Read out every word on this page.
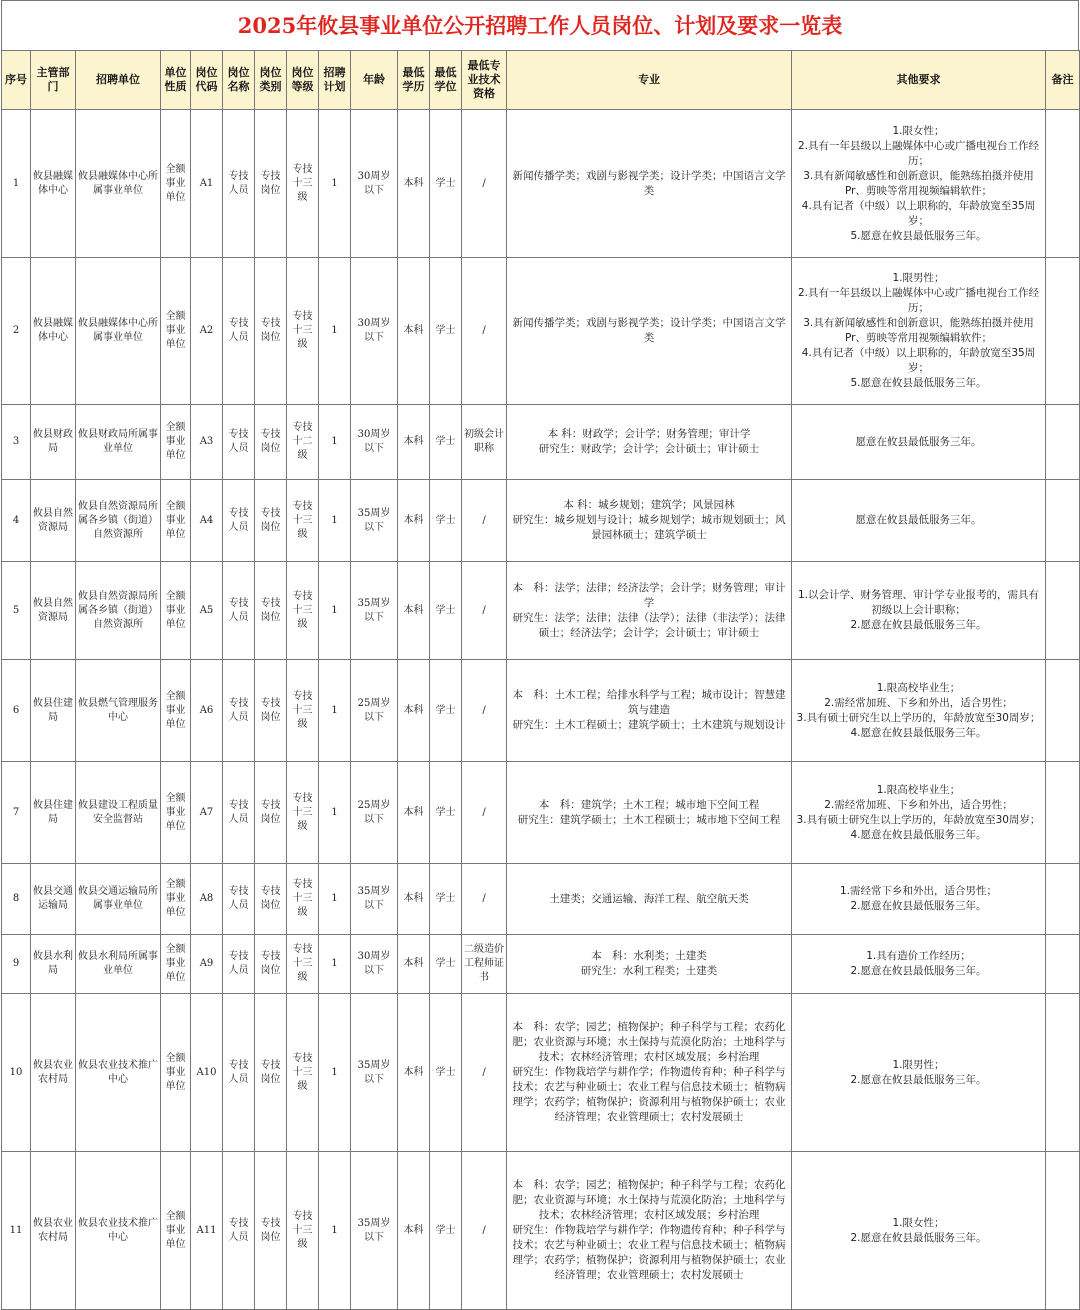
2025年攸县事业单位公开招聘工作人员岗位、计划及要求一览表
序号	主管部门	招聘单位	单位性质	岗位代码	岗位名称	岗位类别	岗位等级	招聘计划	年龄	最低学历	最低学位	最低专业技术资格	专业	其他要求	备注
1	攸县融媒体中心	攸县融媒体中心所属事业单位	全额事业单位	A1	专技人员	专技岗位	专技十三级	1	30周岁以下	本科	学士	/	新闻传播学类；戏剧与影视学类；设计学类；中国语言文学类	1.限女性；
2.具有一年县级以上融媒体中心或广播电视台工作经历；
3.具有新闻敏感性和创新意识，能熟练拍摄并使用Pr、剪映等常用视频编辑软件；
4.具有记者（中级）以上职称的，年龄放宽至35周岁；
5.愿意在攸县最低服务三年。	

2	攸县融媒体中心	攸县融媒体中心所属事业单位	全额事业单位	A2	专技人员	专技岗位	专技十三级	1	30周岁以下	本科	学士	/	新闻传播学类；戏剧与影视学类；设计学类；中国语言文学类	1.限男性；
2.具有一年县级以上融媒体中心或广播电视台工作经历；
3.具有新闻敏感性和创新意识，能熟练拍摄并使用Pr、剪映等常用视频编辑软件；
4.具有记者（中级）以上职称的，年龄放宽至35周岁；
5.愿意在攸县最低服务三年。	

3	攸县财政局	攸县财政局所属事业单位	全额事业单位	A3	专技人员	专技岗位	专技十二级	1	30周岁以下	本科	学士	初级会计职称	本 科：财政学；会计学；财务管理；审计学
研究生：财政学；会计学；会计硕士；审计硕士	愿意在攸县最低服务三年。	

4	攸县自然资源局	攸县自然资源局所属各乡镇（街道）自然资源所	全额事业单位	A4	专技人员	专技岗位	专技十三级	1	35周岁以下	本科	学士	/	本 科：城乡规划；建筑学；风景园林
研究生：城乡规划与设计；城乡规划学；城市规划硕士；风景园林硕士；建筑学硕士	愿意在攸县最低服务三年。	

5	攸县自然资源局	攸县自然资源局所属各乡镇（街道）自然资源所	全额事业单位	A5	专技人员	专技岗位	专技十三级	1	35周岁以下	本科	学士	/	本　科：法学；法律；经济法学；会计学；财务管理；审计学
研究生：法学；法律；法律（法学）；法律（非法学）；法律硕士；经济法学；会计学；会计硕士；审计硕士	1.以会计学、财务管理、审计学专业报考的，需具有初级以上会计职称；
2.愿意在攸县最低服务三年。	

6	攸县住建局	攸县燃气管理服务中心	全额事业单位	A6	专技人员	专技岗位	专技十三级	1	25周岁以下	本科	学士	/	本　科：土木工程；给排水科学与工程；城市设计；智慧建筑与建造
研究生：土木工程硕士；建筑学硕士；土木建筑与规划设计	1.限高校毕业生；
2.需经常加班、下乡和外出，适合男性；
3.具有硕士研究生以上学历的，年龄放宽至30周岁；
4.愿意在攸县最低服务三年。	

7	攸县住建局	攸县建设工程质量安全监督站	全额事业单位	A7	专技人员	专技岗位	专技十三级	1	25周岁以下	本科	学士	/	本　科：建筑学；土木工程；城市地下空间工程
研究生：建筑学硕士；土木工程硕士；城市地下空间工程	1.限高校毕业生；
2.需经常加班、下乡和外出，适合男性；
3.具有硕士研究生以上学历的，年龄放宽至30周岁；
4.愿意在攸县最低服务三年。	

8	攸县交通运输局	攸县交通运输局所属事业单位	全额事业单位	A8	专技人员	专技岗位	专技十三级	1	35周岁以下	本科	学士	/	土建类；交通运输、海洋工程、航空航天类	1.需经常下乡和外出，适合男性；
2.愿意在攸县最低服务三年。	

9	攸县水利局	攸县水利局所属事业单位	全额事业单位	A9	专技人员	专技岗位	专技十三级	1	30周岁以下	本科	学士	二级造价工程师证书	本　科：水利类；土建类
研究生：水利工程类；土建类	1.具有造价工作经历；
2.愿意在攸县最低服务三年。	

10	攸县农业农村局	攸县农业技术推广中心	全额事业单位	A10	专技人员	专技岗位	专技十三级	1	35周岁以下	本科	学士	/	本　科：农学；园艺；植物保护；种子科学与工程；农药化肥；农业资源与环境；水土保持与荒漠化防治；土地科学与技术；农林经济管理；农村区域发展；乡村治理
研究生：作物栽培学与耕作学；作物遗传育种；种子科学与技术；农艺与种业硕士；农业工程与信息技术硕士；植物病理学；农药学；植物保护；资源利用与植物保护硕士；农业经济管理；农业管理硕士；农村发展硕士	1.限男性；
2.愿意在攸县最低服务三年。	

11	攸县农业农村局	攸县农业技术推广中心	全额事业单位	A11	专技人员	专技岗位	专技十三级	1	35周岁以下	本科	学士	/	本　科：农学；园艺；植物保护；种子科学与工程；农药化肥；农业资源与环境；水土保持与荒漠化防治；土地科学与技术；农林经济管理；农村区域发展；乡村治理
研究生：作物栽培学与耕作学；作物遗传育种；种子科学与技术；农艺与种业硕士；农业工程与信息技术硕士；植物病理学；农药学；植物保护；资源利用与植物保护硕士；农业经济管理；农业管理硕士；农村发展硕士	1.限女性；
2.愿意在攸县最低服务三年。	
